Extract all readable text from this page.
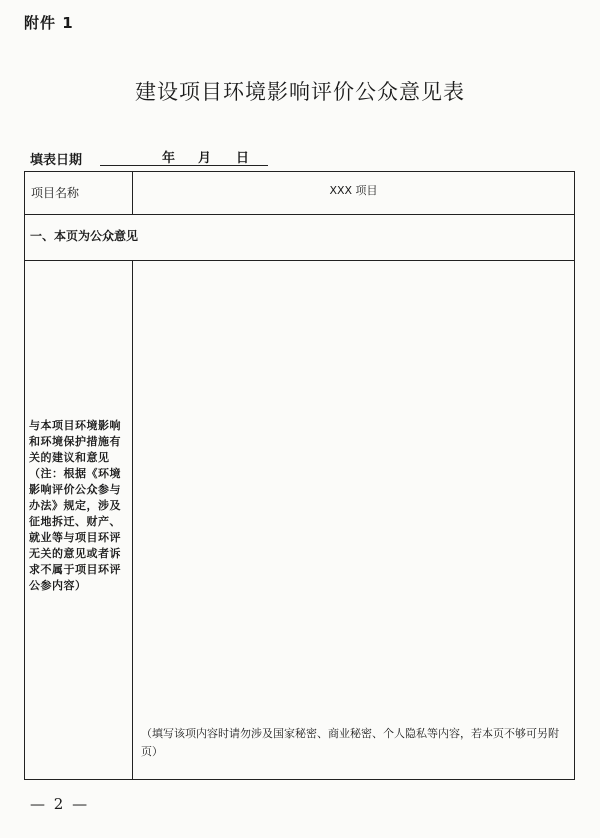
附件 1
建设项目环境影响评价公众意见表
填表日期	年 月 日
项目名称	XXX 项目
一、本页为公众意见
与本项目环境影响和环境保护措施有关的建议和意见（注：根据《环境影响评价公众参与办法》规定，涉及征地拆迁、财产、就业等与项目环评无关的意见或者诉求不属于项目环评公参内容）
（填写该项内容时请勿涉及国家秘密、商业秘密、个人隐私等内容，若本页不够可另附页）
— 2 —
